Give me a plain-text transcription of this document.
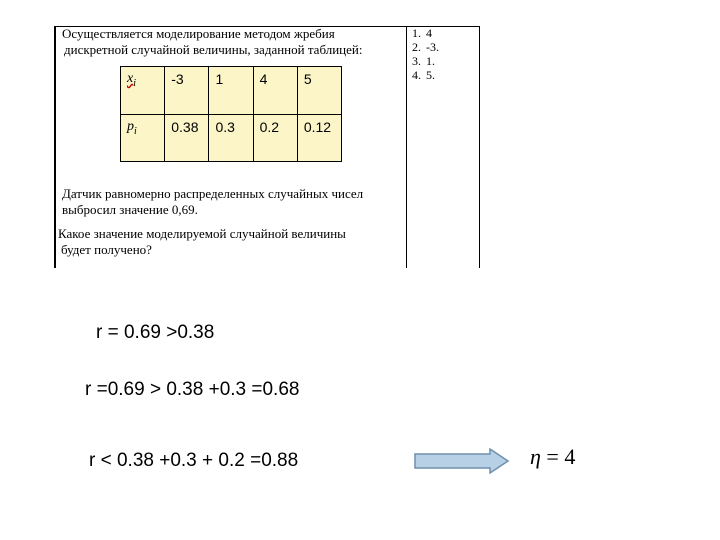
Осуществляется моделирование методом жребия
дискретной случайной величины, заданной таблицей:
1. 4
2. -3.
3. 1.
4. 5.
$x_i$	-3	1	4	5
$p_i$	0.38	0.3	0.2	0.12
Датчик равномерно распределенных случайных чисел
выбросил значение 0,69.
Какое значение моделируемой случайной величины
будет получено?
r = 0.69 >0.38
r =0.69 > 0.38 +0.3 =0.68
r < 0.38 +0.3 + 0.2 =0.88	η = 4
